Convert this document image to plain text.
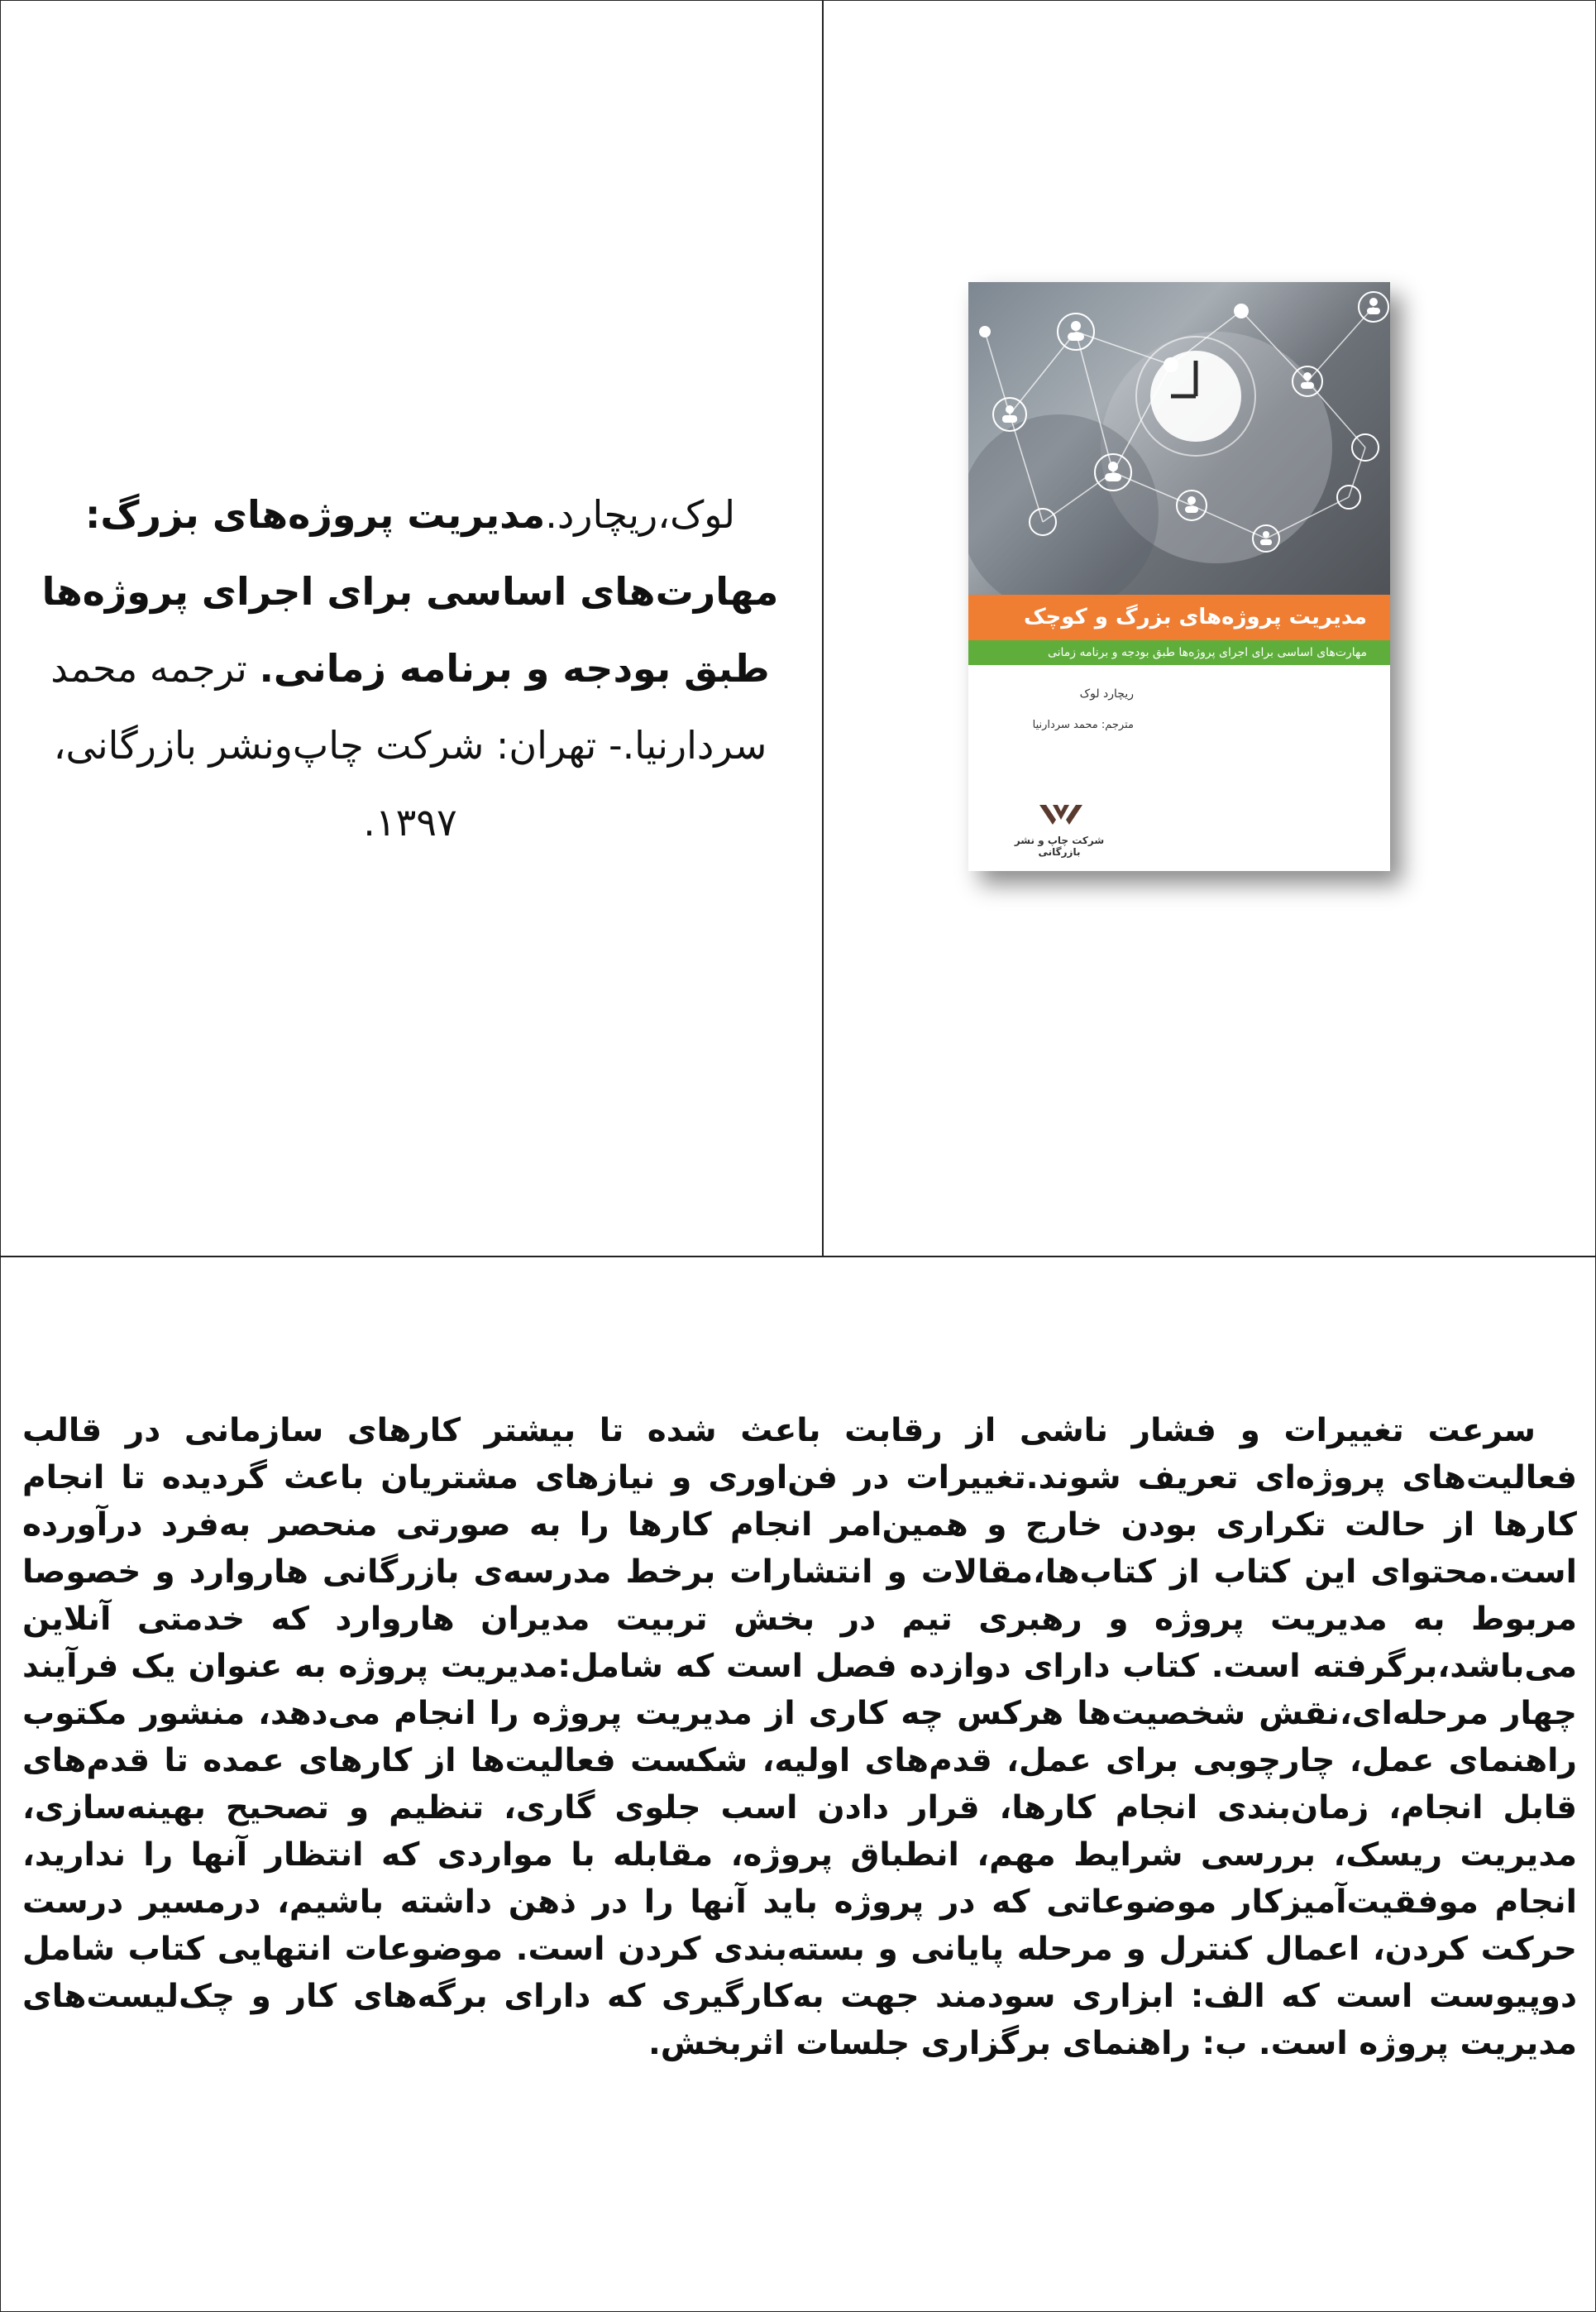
لوک،ریچارد.مدیریت پروژه‌های بزرگ: مهارت‌های اساسی برای اجرای پروژه‌ها طبق بودجه و برنامه زمانی. ترجمه محمد سردارنیا.- تهران: شرکت چاپ‌ونشر بازرگانی، ۱۳۹۷.
مدیریت پروژه‌های بزرگ و کوچک
مهارت‌های اساسی برای اجرای پروژه‌ها طبق بودجه و برنامه زمانی
ریچارد لوک
مترجم: محمد سردارنیا
شرکت چاپ و نشر بازرگانی
سرعت تغییرات و فشار ناشی از رقابت باعث شده تا بیشتر کارهای سازمانی در قالب فعالیت‌های پروژه‌ای تعریف شوند.تغییرات در فن‌اوری و نیازهای مشتریان باعث گردیده تا انجام کارها از حالت تکراری بودن خارج و همین‌امر انجام کارها را به صورتی منحصر به‌فرد درآورده است.محتوای این کتاب از کتاب‌ها،مقالات و انتشارات برخط مدرسه‌ی بازرگانی هاروارد و خصوصا مربوط به مدیریت پروژه و رهبری تیم در بخش تربیت مدیران هاروارد که خدمتی آنلاین می‌باشد،برگرفته است. کتاب دارای دوازده فصل است که شامل:مدیریت پروژه به عنوان یک فرآیند چهار مرحله‌ای،نقش شخصیت‌ها هرکس چه کاری از مدیریت پروژه را انجام می‌دهد، منشور مکتوب راهنمای عمل، چارچوبی برای عمل، قدم‌های اولیه، شکست فعالیت‌ها از کارهای عمده تا قدم‌های قابل انجام، زمان‌بندی انجام کارها، قرار دادن اسب جلوی گاری، تنظیم و تصحیح بهینه‌سازی، مدیریت ریسک، بررسی شرایط مهم، انطباق پروژه، مقابله با مواردی که انتظار آنها را ندارید، انجام موفقیت‌آمیزکار موضوعاتی که در پروژه باید آنها را در ذهن داشته باشیم، درمسیر درست حرکت کردن، اعمال کنترل و مرحله پایانی و بسته‌بندی کردن است. موضوعات انتهایی کتاب شامل دوپیوست است که الف: ابزاری سودمند جهت به‌کارگیری که دارای برگه‌های کار و چک‌لیست‌های مدیریت پروژه است. ب: راهنمای برگزاری جلسات اثربخش.
